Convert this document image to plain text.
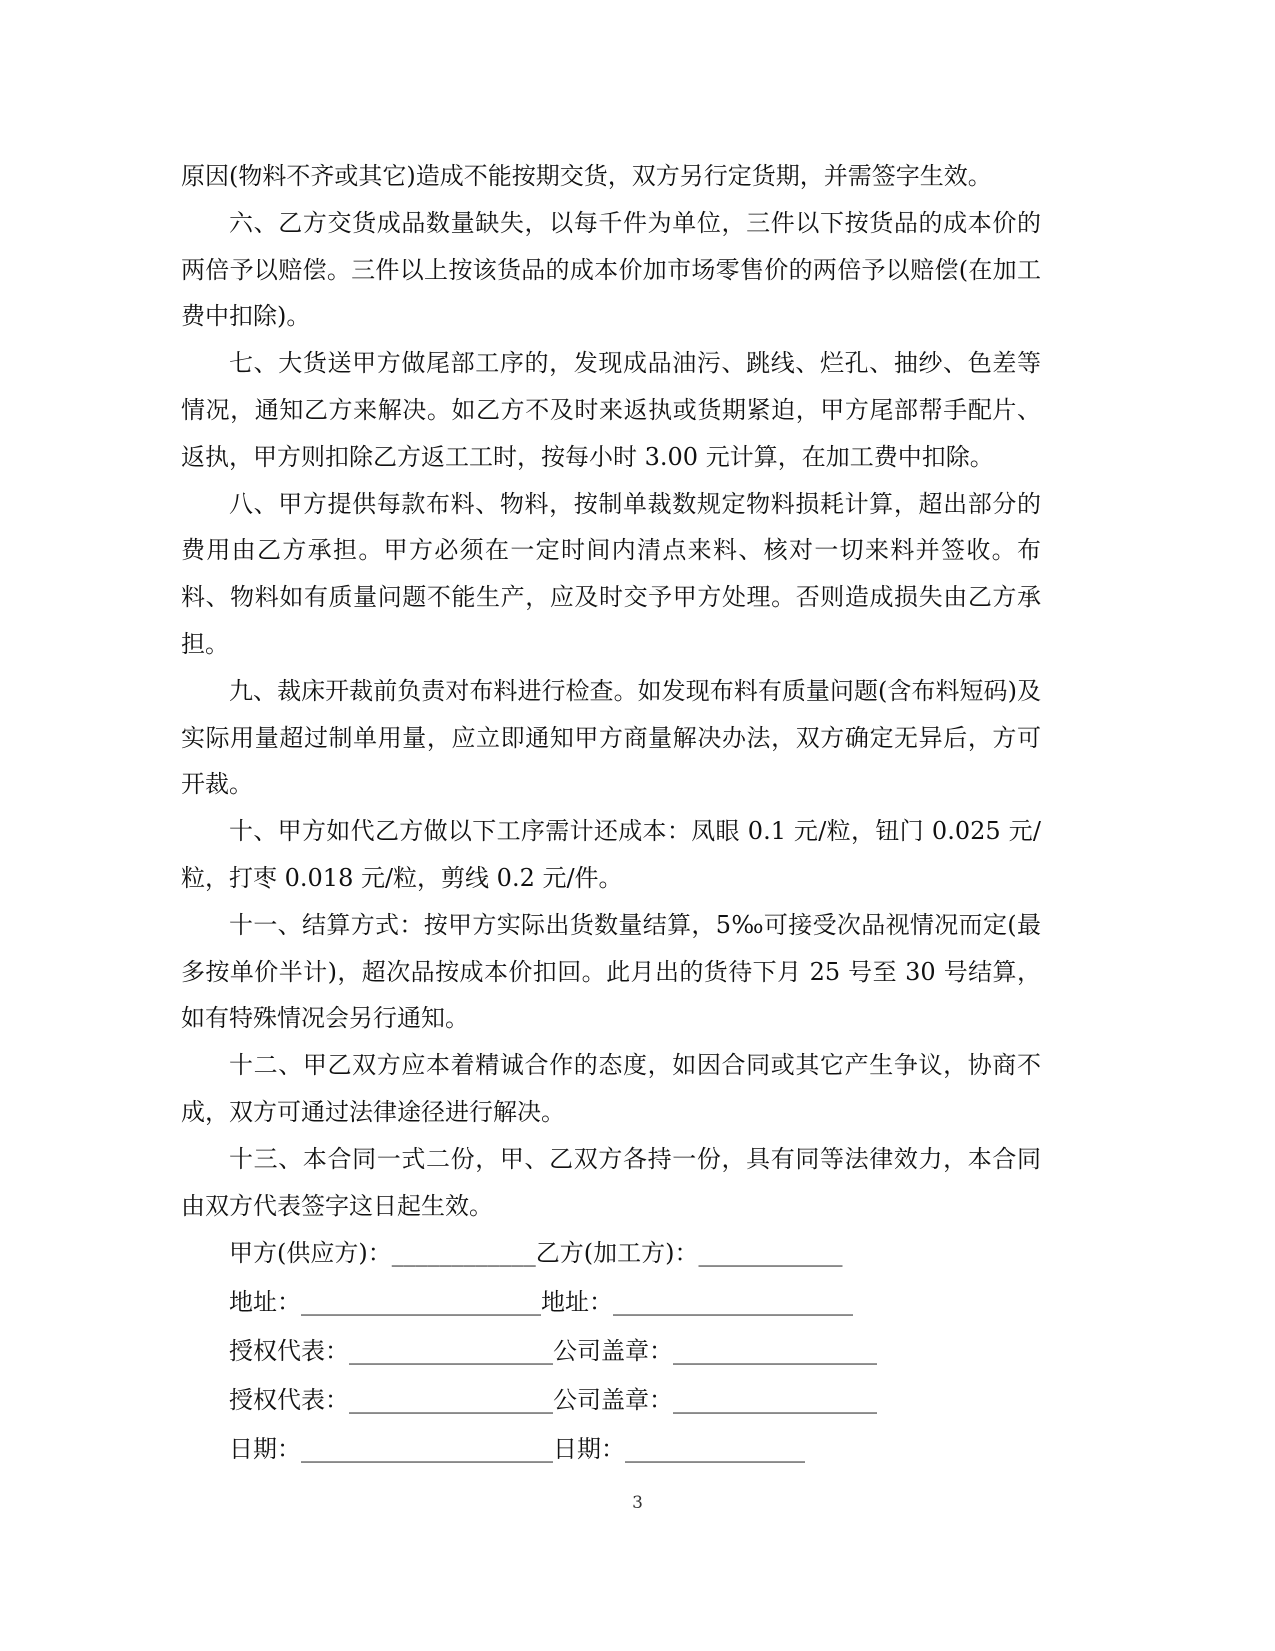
原因(物料不齐或其它)造成不能按期交货，双方另行定货期，并需签字生效。

六、乙方交货成品数量缺失，以每千件为单位，三件以下按货品的成本价的两倍予以赔偿。三件以上按该货品的成本价加市场零售价的两倍予以赔偿(在加工费中扣除)。

七、大货送甲方做尾部工序的，发现成品油污、跳线、烂孔、抽纱、色差等情况，通知乙方来解决。如乙方不及时来返执或货期紧迫，甲方尾部帮手配片、返执，甲方则扣除乙方返工工时，按每小时 3.00 元计算，在加工费中扣除。

八、甲方提供每款布料、物料，按制单裁数规定物料损耗计算，超出部分的费用由乙方承担。甲方必须在一定时间内清点来料、核对一切来料并签收。布料、物料如有质量问题不能生产，应及时交予甲方处理。否则造成损失由乙方承担。

九、裁床开裁前负责对布料进行检查。如发现布料有质量问题(含布料短码)及实际用量超过制单用量，应立即通知甲方商量解决办法，双方确定无异后，方可开裁。

十、甲方如代乙方做以下工序需计还成本：凤眼 0.1 元/粒，钮门 0.025 元/粒，打枣 0.018 元/粒，剪线 0.2 元/件。

十一、结算方式：按甲方实际出货数量结算，5‰可接受次品视情况而定(最多按单价半计)，超次品按成本价扣回。此月出的货待下月 25 号至 30 号结算，如有特殊情况会另行通知。

十二、甲乙双方应本着精诚合作的态度，如因合同或其它产生争议，协商不成，双方可通过法律途径进行解决。

十三、本合同一式二份，甲、乙双方各持一份，具有同等法律效力，本合同由双方代表签字这日起生效。

甲方(供应方)：____________乙方(加工方)：____________

地址：____________________地址：____________________

授权代表：_________________公司盖章：_________________

授权代表：_________________公司盖章：_________________

日期：_____________________日期：_______________

3
